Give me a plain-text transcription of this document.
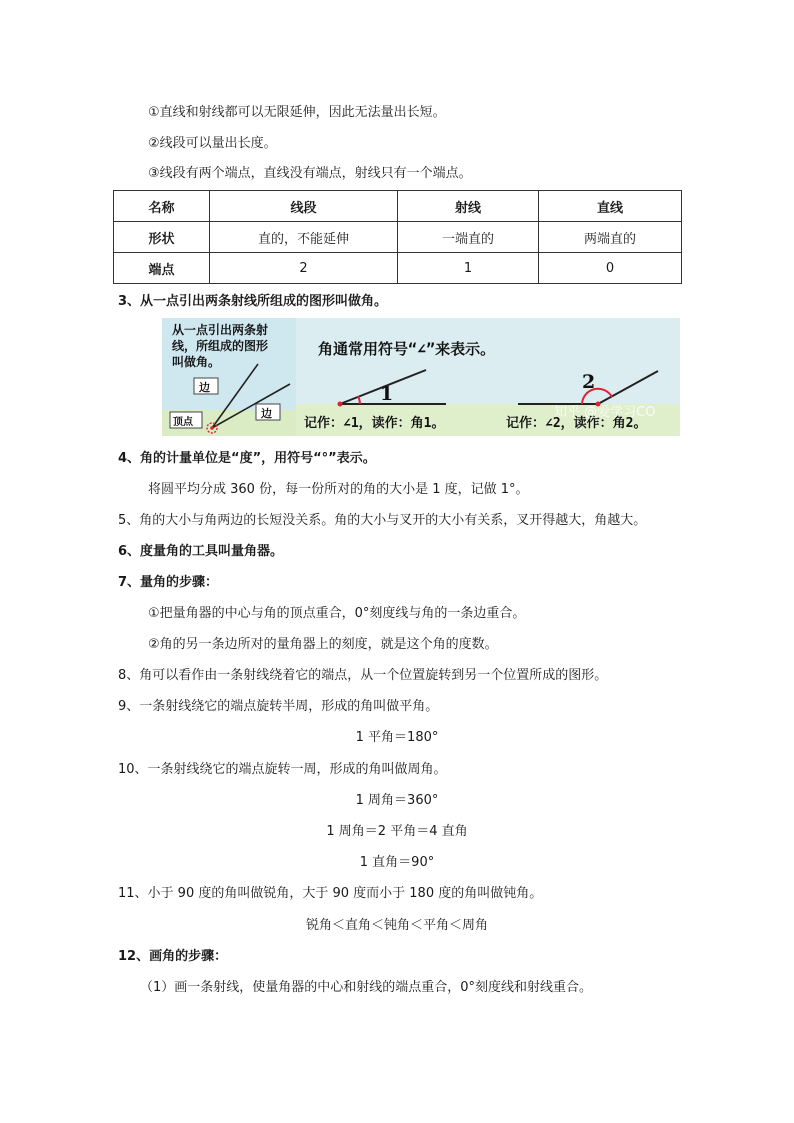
①直线和射线都可以无限延伸，因此无法量出长短。
②线段可以量出长度。
③线段有两个端点，直线没有端点，射线只有一个端点。
名称	线段	射线	直线
形状	直的，不能延伸	一端直的	两端直的
端点	2	1	0
3、从一点引出两条射线所组成的图形叫做角。
从一点引出两条射
线，所组成的图形
叫做角。
边
边
顶点
角通常用符号“∠”来表示。
1
2
记作：∠1，读作：角1。	记作：∠2，读作：角2。
知乎 @爱学习CO
4、角的计量单位是“度”，用符号“°”表示。
将圆平均分成 360 份，每一份所对的角的大小是 1 度，记做 1°。
5、角的大小与角两边的长短没关系。角的大小与叉开的大小有关系，叉开得越大，角越大。
6、度量角的工具叫量角器。
7、量角的步骤：
①把量角器的中心与角的顶点重合，0°刻度线与角的一条边重合。
②角的另一条边所对的量角器上的刻度，就是这个角的度数。
8、角可以看作由一条射线绕着它的端点，从一个位置旋转到另一个位置所成的图形。
9、一条射线绕它的端点旋转半周，形成的角叫做平角。
1 平角＝180°
10、一条射线绕它的端点旋转一周，形成的角叫做周角。
1 周角＝360°
1 周角＝2 平角＝4 直角
1 直角＝90°
11、小于 90 度的角叫做锐角，大于 90 度而小于 180 度的角叫做钝角。
锐角＜直角＜钝角＜平角＜周角
12、画角的步骤：
（1）画一条射线，使量角器的中心和射线的端点重合，0°刻度线和射线重合。
